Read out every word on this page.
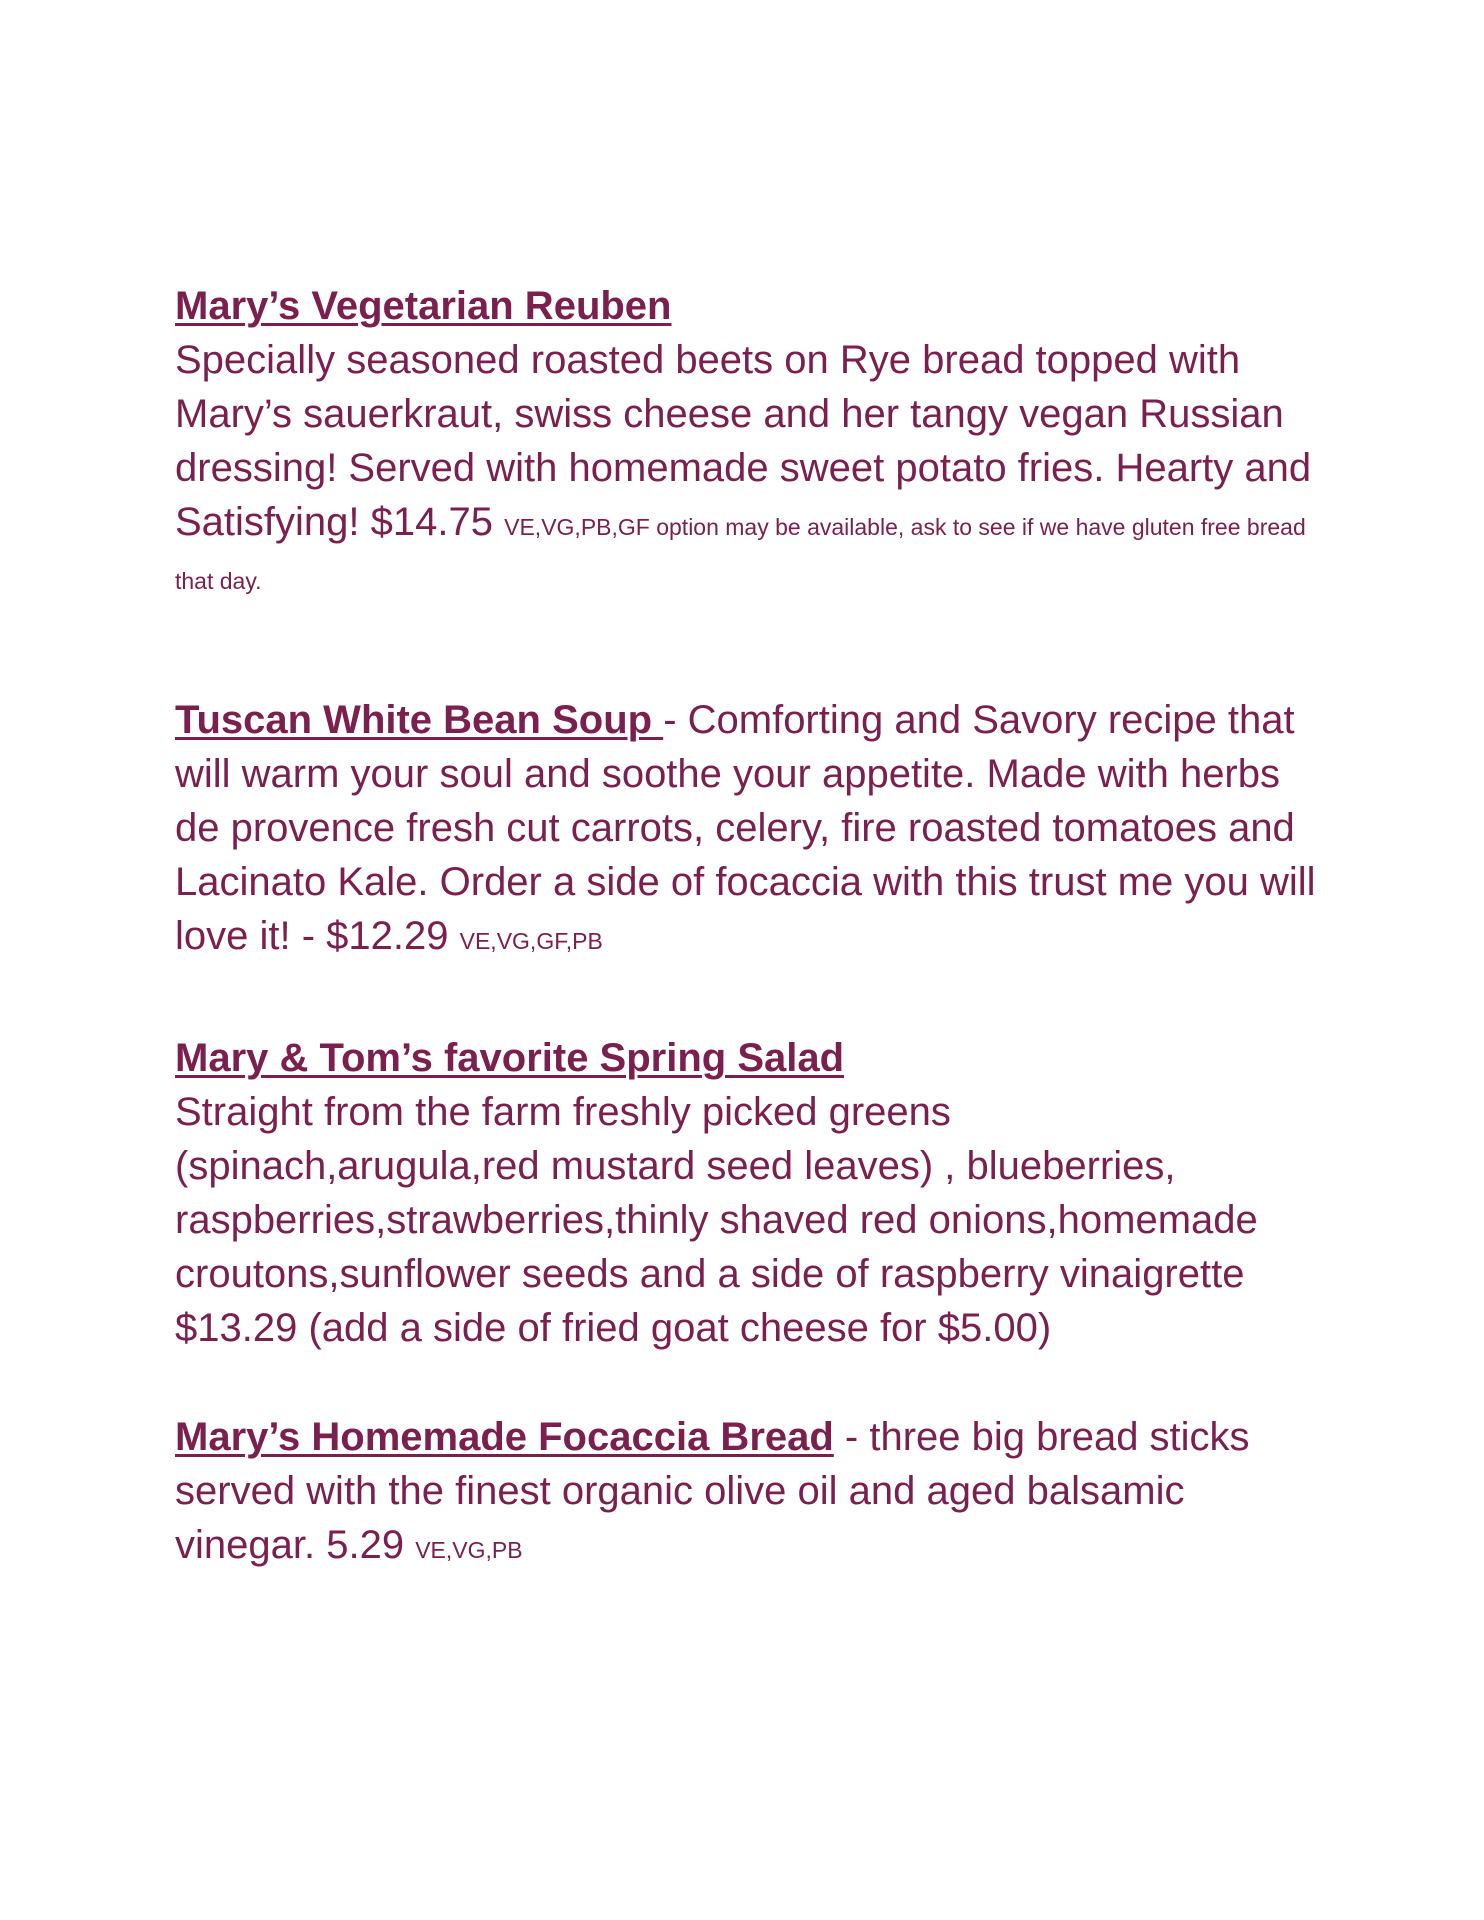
Mary’s Vegetarian Reuben
Specially seasoned roasted beets on Rye bread topped with Mary’s sauerkraut, swiss cheese and her tangy vegan Russian dressing! Served with homemade sweet potato fries. Hearty and Satisfying! $14.75 VE,VG,PB,GF option may be available, ask to see if we have gluten free bread that day.

Tuscan White Bean Soup - Comforting and Savory recipe that will warm your soul and soothe your appetite. Made with herbs de provence fresh cut carrots, celery, fire roasted tomatoes and Lacinato Kale. Order a side of focaccia with this trust me you will love it! - $12.29 VE,VG,GF,PB

Mary & Tom’s favorite Spring Salad
Straight from the farm freshly picked greens (spinach,arugula,red mustard seed leaves) , blueberries, raspberries,strawberries,thinly shaved red onions,homemade croutons,sunflower seeds and a side of raspberry vinaigrette $13.29 (add a side of fried goat cheese for $5.00)

Mary’s Homemade Focaccia Bread - three big bread sticks served with the finest organic olive oil and aged balsamic vinegar. 5.29 VE,VG,PB
